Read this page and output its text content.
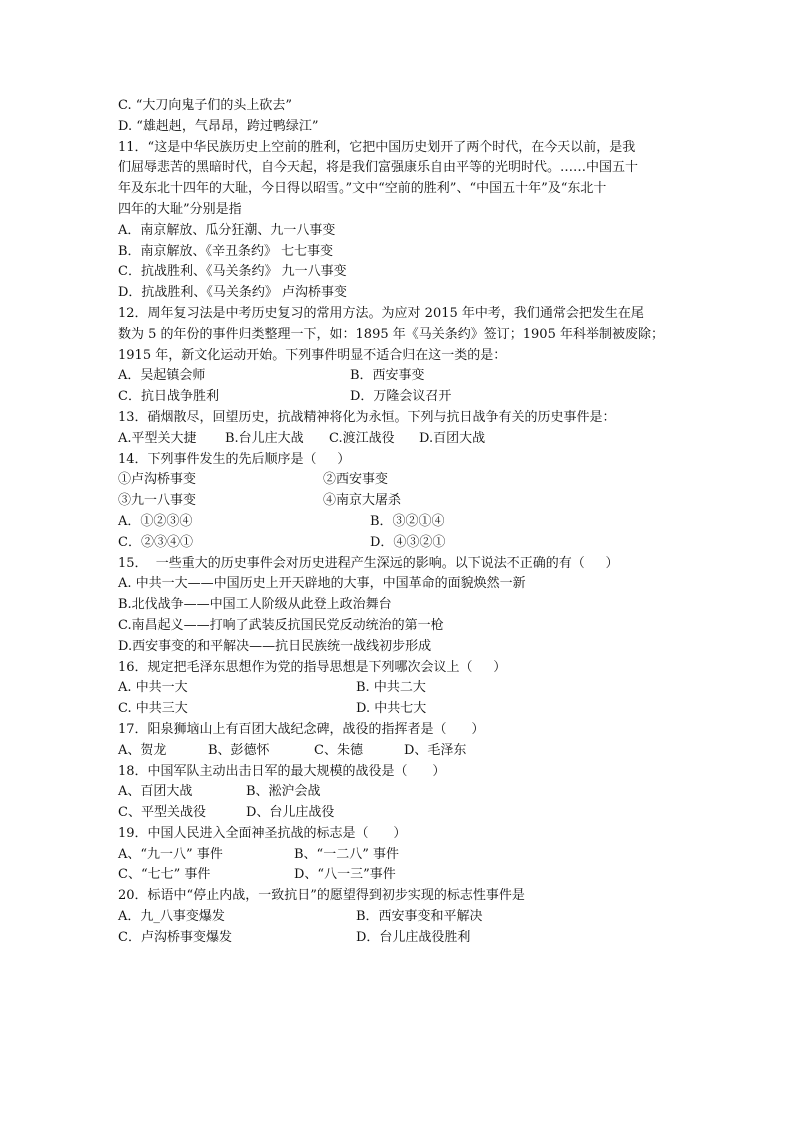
C. “大刀向鬼子们的头上砍去”
D. “雄赳赳，气昂昂，跨过鸭绿江”
11．“这是中华民族历史上空前的胜利，它把中国历史划开了两个时代，在今天以前，是我
们屈辱悲苦的黑暗时代，自今天起，将是我们富强康乐自由平等的光明时代。……中国五十
年及东北十四年的大耻，今日得以昭雪。”文中“空前的胜利”、“中国五十年”及“东北十
四年的大耻”分别是指
A．南京解放、瓜分狂潮、九一八事变
B．南京解放、《辛丑条约》 七七事变
C．抗战胜利、《马关条约》 九一八事变
D．抗战胜利、《马关条约》 卢沟桥事变
12．周年复习法是中考历史复习的常用方法。为应对 2015 年中考，我们通常会把发生在尾
数为 5 的年份的事件归类整理一下，如：1895 年《马关条约》签订；1905 年科举制被废除；
1915 年，新文化运动开始。下列事件明显不适合归在这一类的是：
A．吴起镇会师	B．西安事变
C．抗日战争胜利	D．万隆会议召开
13．硝烟散尽，回望历史，抗战精神将化为永恒。下列与抗日战争有关的历史事件是：
A.平型关大捷	B.台儿庄大战	C.渡江战役	D.百团大战
14．下列事件发生的先后顺序是（     ）
①卢沟桥事变	②西安事变
③九一八事变	④南京大屠杀
A．①②③④	B．③②①④
C．②③④①	D．④③②①
15．  一些重大的历史事件会对历史进程产生深远的影响。以下说法不正确的有（     ）
A. 中共一大——中国历史上开天辟地的大事，中国革命的面貌焕然一新
B.北伐战争——中国工人阶级从此登上政治舞台
C.南昌起义——打响了武装反抗国民党反动统治的第一枪
D.西安事变的和平解决——抗日民族统一战线初步形成
16．规定把毛泽东思想作为党的指导思想是下列哪次会议上（     ）
A. 中共一大	B. 中共二大
C. 中共三大	D. 中共七大
17．阳泉狮垴山上有百团大战纪念碑，战役的指挥者是（      ）
A、贺龙	B、彭德怀	C、朱德	D、毛泽东
18．中国军队主动出击日军的最大规模的战役是（      ）
A、百团大战	B、淞沪会战
C、平型关战役	D、台儿庄战役
19．中国人民进入全面神圣抗战的标志是（      ）
A、“九一八” 事件	B、“一二八” 事件
C、“七七” 事件	D、“八一三”事件
20．标语中“停止内战，一致抗日”的愿望得到初步实现的标志性事件是
A．九_八事变爆发	B．西安事变和平解决
C．卢沟桥事变爆发	D．台儿庄战役胜利
